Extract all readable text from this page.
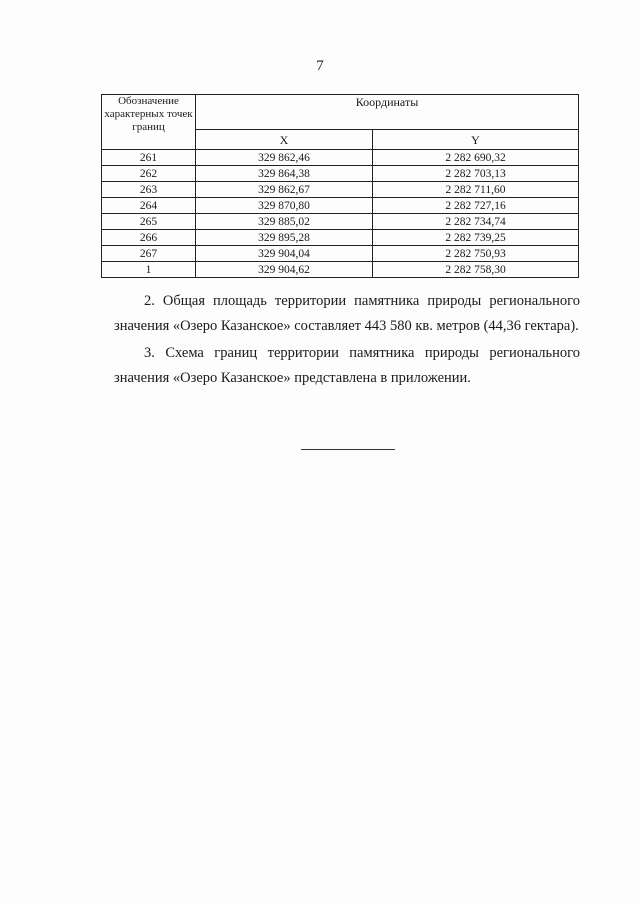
7
Обозначение характерных точек границ	Координаты	
	X	Y
261	329 862,46	2 282 690,32
262	329 864,38	2 282 703,13
263	329 862,67	2 282 711,60
264	329 870,80	2 282 727,16
265	329 885,02	2 282 734,74
266	329 895,28	2 282 739,25
267	329 904,04	2 282 750,93
1	329 904,62	2 282 758,30

2. Общая площадь территории памятника природы регионального значения «Озеро Казанское» составляет 443 580 кв. метров (44,36 гектара).

3. Схема границ территории памятника природы регионального значения «Озеро Казанское» представлена в приложении.
